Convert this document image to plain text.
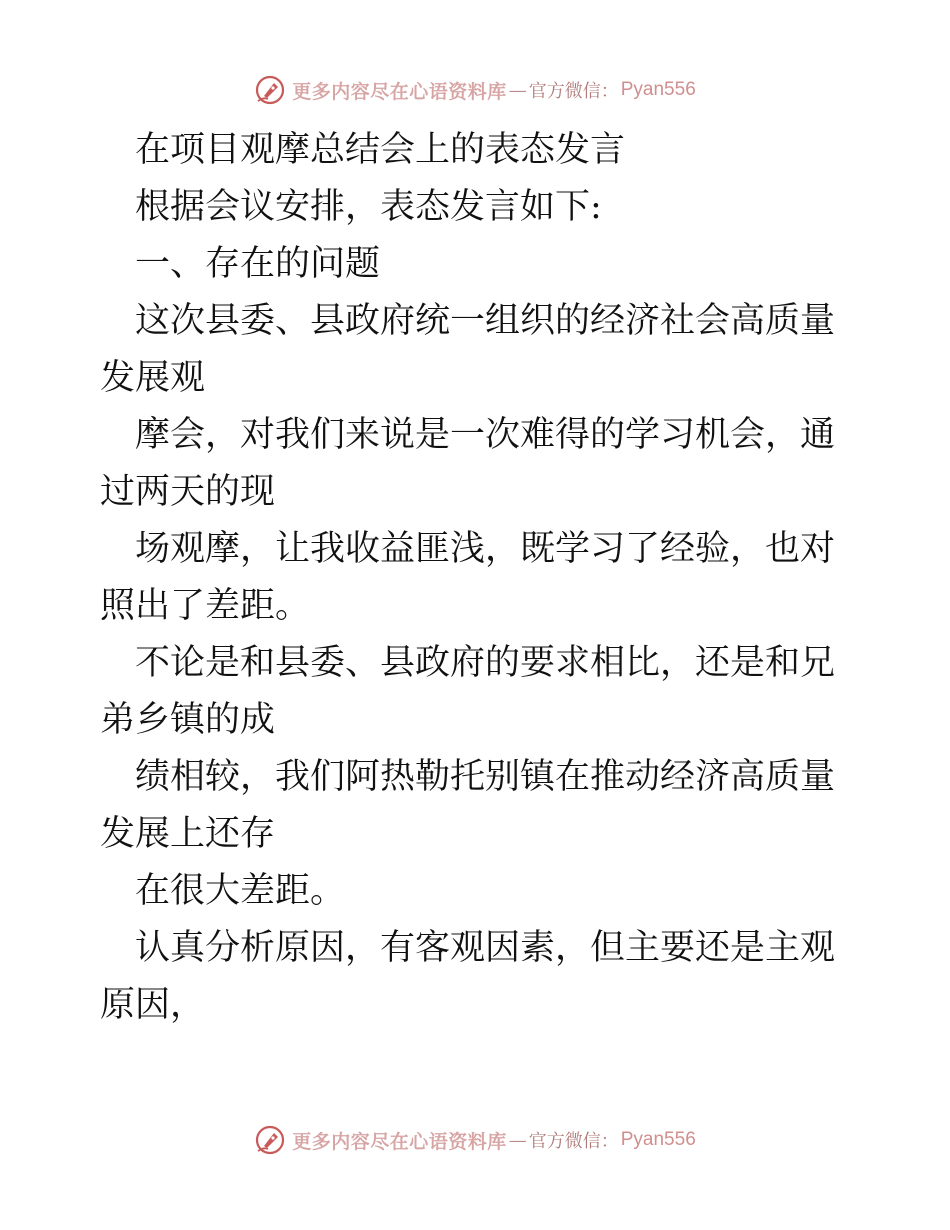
更多内容尽在心语资料库 — 官方微信： Pyan556

在项目观摩总结会上的表态发言

根据会议安排，表态发言如下:

一、存在的问题

这次县委、县政府统一组织的经济社会高质量发展观

摩会，对我们来说是一次难得的学习机会，通过两天的现

场观摩，让我收益匪浅，既学习了经验，也对照出了差距。

不论是和县委、县政府的要求相比，还是和兄弟乡镇的成

绩相较，我们阿热勒托别镇在推动经济高质量发展上还存

在很大差距。

认真分析原因，有客观因素，但主要还是主观原因，

更多内容尽在心语资料库 — 官方微信： Pyan556
